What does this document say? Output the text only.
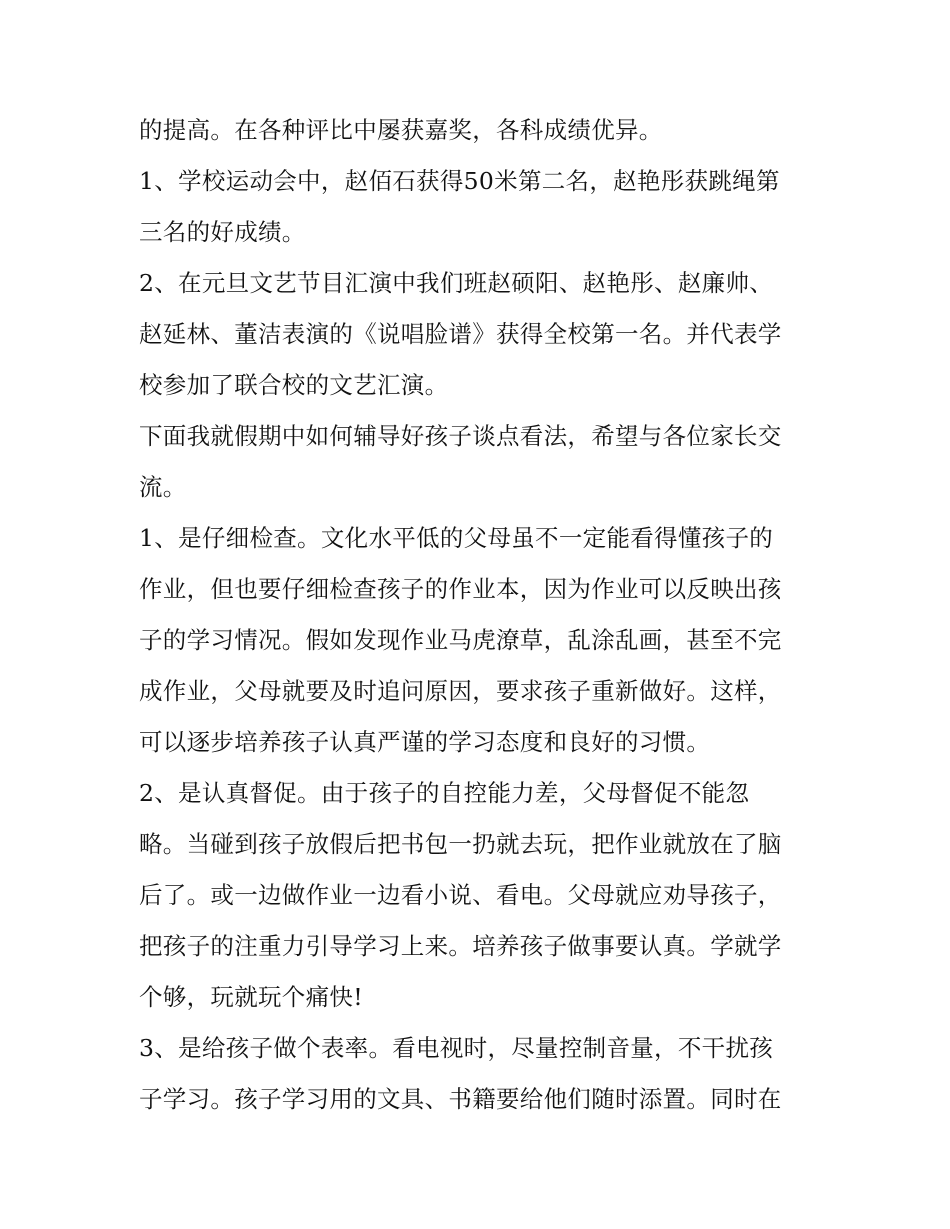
的提高。在各种评比中屡获嘉奖，各科成绩优异。
1、学校运动会中，赵佰石获得50米第二名，赵艳彤获跳绳第
三名的好成绩。
2、在元旦文艺节目汇演中我们班赵硕阳、赵艳彤、赵廉帅、
赵延林、董洁表演的《说唱脸谱》获得全校第一名。并代表学
校参加了联合校的文艺汇演。
下面我就假期中如何辅导好孩子谈点看法，希望与各位家长交
流。
1、是仔细检查。文化水平低的父母虽不一定能看得懂孩子的
作业，但也要仔细检查孩子的作业本，因为作业可以反映出孩
子的学习情况。假如发现作业马虎潦草，乱涂乱画，甚至不完
成作业，父母就要及时追问原因，要求孩子重新做好。这样，
可以逐步培养孩子认真严谨的学习态度和良好的习惯。
2、是认真督促。由于孩子的自控能力差，父母督促不能忽
略。当碰到孩子放假后把书包一扔就去玩，把作业就放在了脑
后了。或一边做作业一边看小说、看电。父母就应劝导孩子，
把孩子的注重力引导学习上来。培养孩子做事要认真。学就学
个够，玩就玩个痛快!
3、是给孩子做个表率。看电视时，尽量控制音量，不干扰孩
子学习。孩子学习用的文具、书籍要给他们随时添置。同时在
